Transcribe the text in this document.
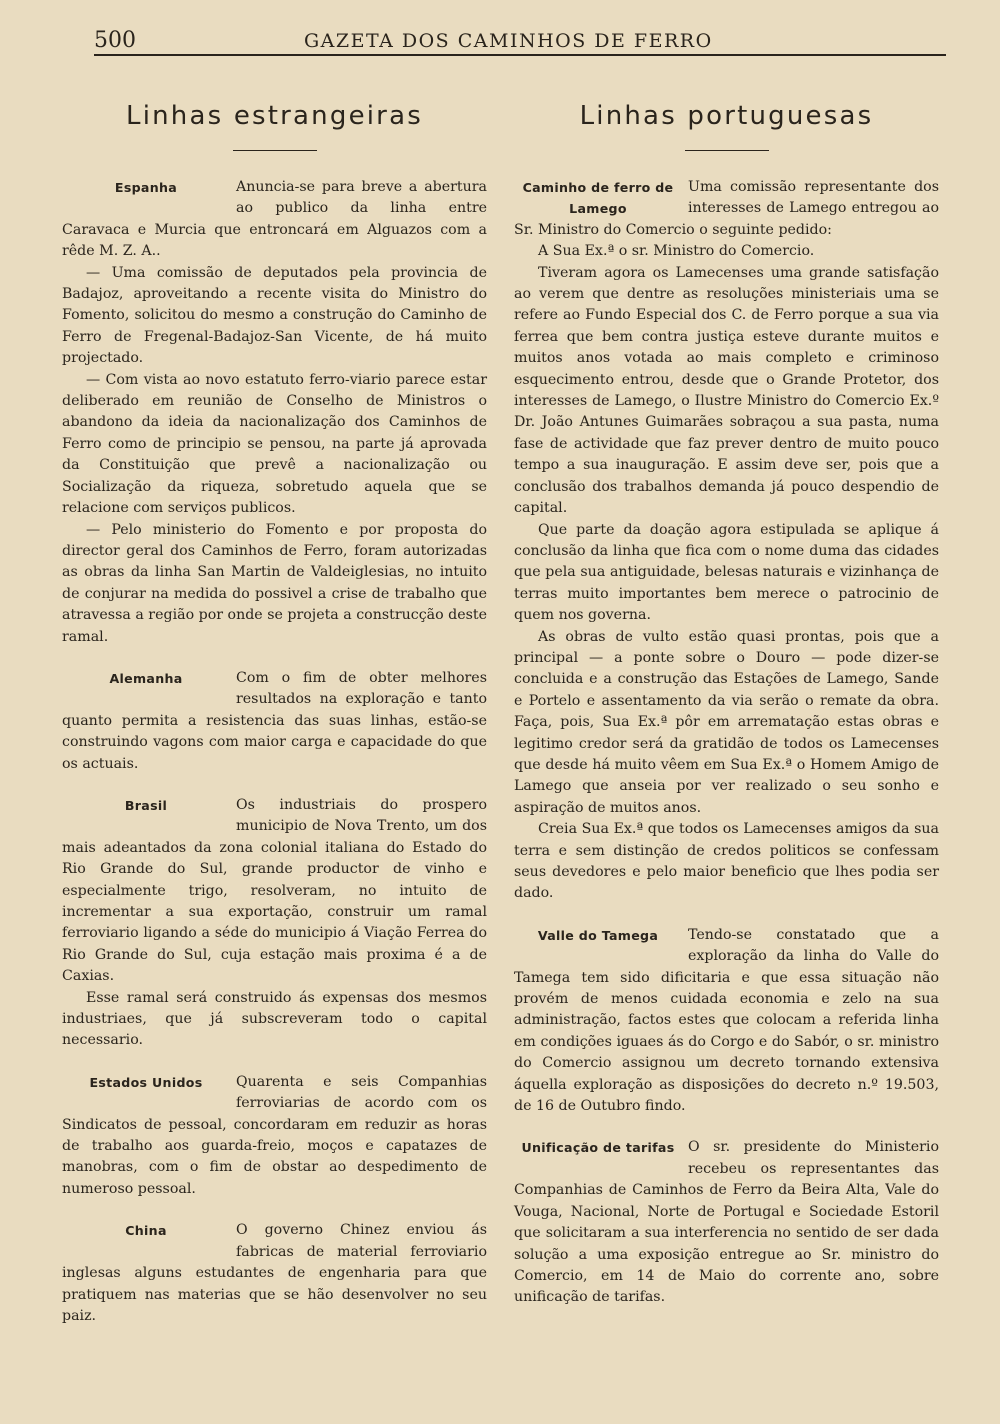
500	GAZETA DOS CAMINHOS DE FERRO
Linhas estrangeiras
Espanha	Anuncia-se para breve a abertura ao publico da linha entre Caravaca e Murcia que entroncará em Alguazos com a rêde M. Z. A..

— Uma comissão de deputados pela provincia de Badajoz, aproveitando a recente visita do Ministro do Fomento, solicitou do mesmo a construção do Caminho de Ferro de Fregenal-Badajoz-San Vicente, de há muito projectado.

— Com vista ao novo estatuto ferro-viario parece estar deliberado em reunião de Conselho de Ministros o abandono da ideia da nacionalização dos Caminhos de Ferro como de principio se pensou, na parte já aprovada da Constituição que prevê a nacionalização ou Socialização da riqueza, sobretudo aquela que se relacione com serviços publicos.

— Pelo ministerio do Fomento e por proposta do director geral dos Caminhos de Ferro, foram autorizadas as obras da linha San Martin de Valdeiglesias, no intuito de conjurar na medida do possivel a crise de trabalho que atravessa a região por onde se projeta a construcção deste ramal.

Alemanha	Com o fim de obter melhores resultados na exploração e tanto quanto permita a resistencia das suas linhas, estão-se construindo vagons com maior carga e capacidade do que os actuais.

Brasil	Os industriais do prospero municipio de Nova Trento, um dos mais adeantados da zona colonial italiana do Estado do Rio Grande do Sul, grande productor de vinho e especialmente trigo, resolveram, no intuito de incrementar a sua exportação, construir um ramal ferroviario ligando a séde do municipio á Viação Ferrea do Rio Grande do Sul, cuja estação mais proxima é a de Caxias.

Esse ramal será construido ás expensas dos mesmos industriaes, que já subscreveram todo o capital necessario.

Estados Unidos	Quarenta e seis Companhias ferroviarias de acordo com os Sindicatos de pessoal, concordaram em reduzir as horas de trabalho aos guarda-freio, moços e capatazes de manobras, com o fim de obstar ao despedimento de numeroso pessoal.

China	O governo Chinez enviou ás fabricas de material ferroviario inglesas alguns estudantes de engenharia para que pratiquem nas materias que se hão desenvolver no seu paiz.

Linhas portuguesas
Caminho de ferro de Lamego

Uma comissão representante dos interesses de Lamego entregou ao Sr. Ministro do Comercio o seguinte pedido:

A Sua Ex.ª o sr. Ministro do Comercio.

Tiveram agora os Lamecenses uma grande satisfação ao verem que dentre as resoluções ministeriais uma se refere ao Fundo Especial dos C. de Ferro porque a sua via ferrea que bem contra justiça esteve durante muitos e muitos anos votada ao mais completo e criminoso esquecimento entrou, desde que o Grande Protetor, dos interesses de Lamego, o Ilustre Ministro do Comercio Ex.º Dr. João Antunes Guimarães sobraçou a sua pasta, numa fase de actividade que faz prever dentro de muito pouco tempo a sua inauguração. E assim deve ser, pois que a conclusão dos trabalhos demanda já pouco despendio de capital.

Que parte da doação agora estipulada se aplique á conclusão da linha que fica com o nome duma das cidades que pela sua antiguidade, belesas naturais e vizinhança de terras muito importantes bem merece o patrocinio de quem nos governa.

As obras de vulto estão quasi prontas, pois que a principal — a ponte sobre o Douro — pode dizer-se concluida e a construção das Estações de Lamego, Sande e Portelo e assentamento da via serão o remate da obra. Faça, pois, Sua Ex.ª pôr em arrematação estas obras e legitimo credor será da gratidão de todos os Lamecenses que desde há muito vêem em Sua Ex.ª o Homem Amigo de Lamego que anseia por ver realizado o seu sonho e aspiração de muitos anos.

Creia Sua Ex.ª que todos os Lamecenses amigos da sua terra e sem distinção de credos politicos se confessam seus devedores e pelo maior beneficio que lhes podia ser dado.

Valle do Tamega	Tendo-se constatado que a exploração da linha do Valle do Tamega tem sido dificitaria e que essa situação não provém de menos cuidada economia e zelo na sua administração, factos estes que colocam a referida linha em condições iguaes ás do Corgo e do Sabór, o sr. ministro do Comercio assignou um decreto tornando extensiva áquella exploração as disposições do decreto n.º 19.503, de 16 de Outubro findo.

Unificação de tarifas O sr. presidente do Ministerio recebeu os representantes das Companhias de Caminhos de Ferro da Beira Alta, Vale do Vouga, Nacional, Norte de Portugal e Sociedade Estoril que solicitaram a sua interferencia no sentido de ser dada solução a uma exposição entregue ao Sr. ministro do Comercio, em 14 de Maio do corrente ano, sobre unificação de tarifas.
